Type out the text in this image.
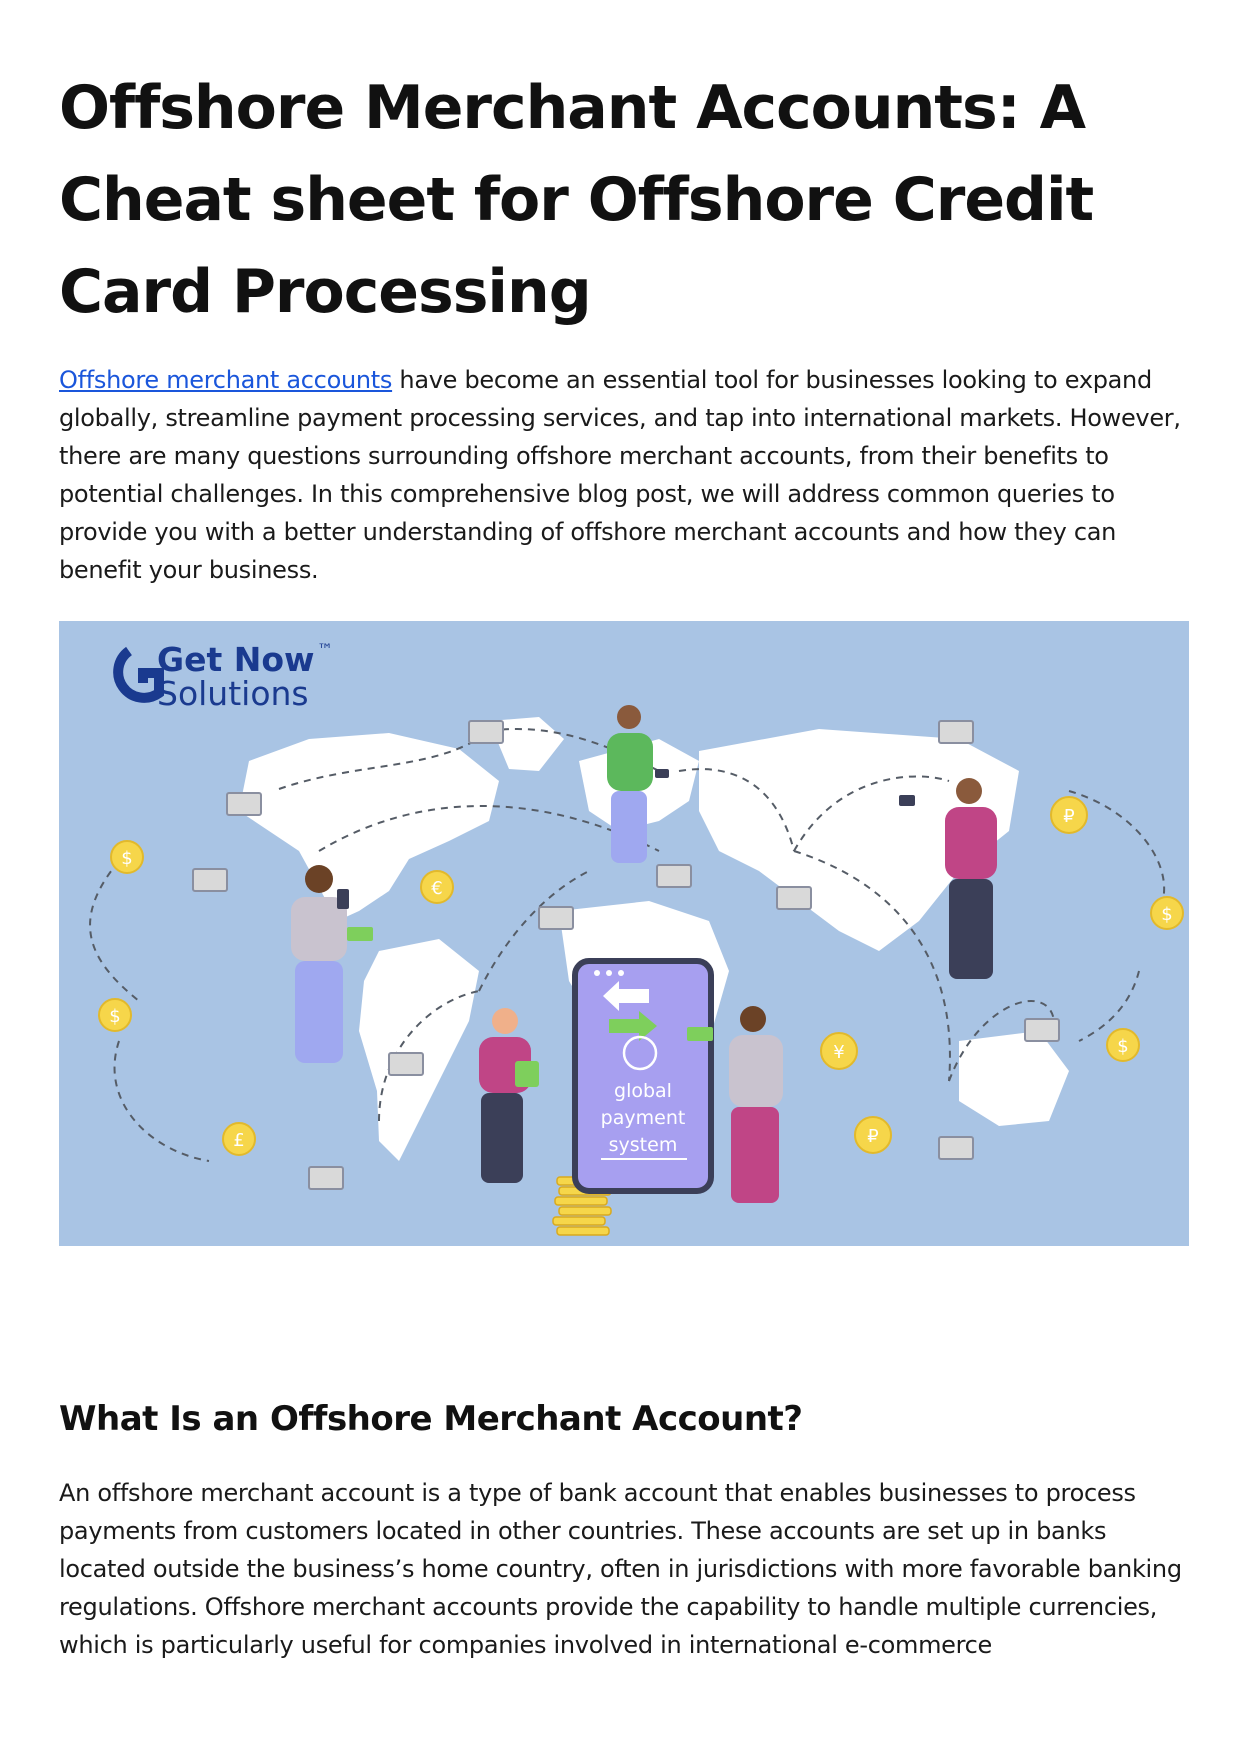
Offshore Merchant Accounts: A Cheat sheet for Offshore Credit Card Processing

Offshore merchant accounts have become an essential tool for businesses looking to expand globally, streamline payment processing services, and tap into international markets. However, there are many questions surrounding offshore merchant accounts, from their benefits to potential challenges. In this comprehensive blog post, we will address common queries to provide you with a better understanding of offshore merchant accounts and how they can benefit your business.

$
€
$
£
₽
$
¥
₽
$
global
payment
system
Get Now
Solutions
™
What Is an Offshore Merchant Account?

An offshore merchant account is a type of bank account that enables businesses to process payments from customers located in other countries. These accounts are set up in banks located outside the business’s home country, often in jurisdictions with more favorable banking regulations. Offshore merchant accounts provide the capability to handle multiple currencies, which is particularly useful for companies involved in international e-commerce
